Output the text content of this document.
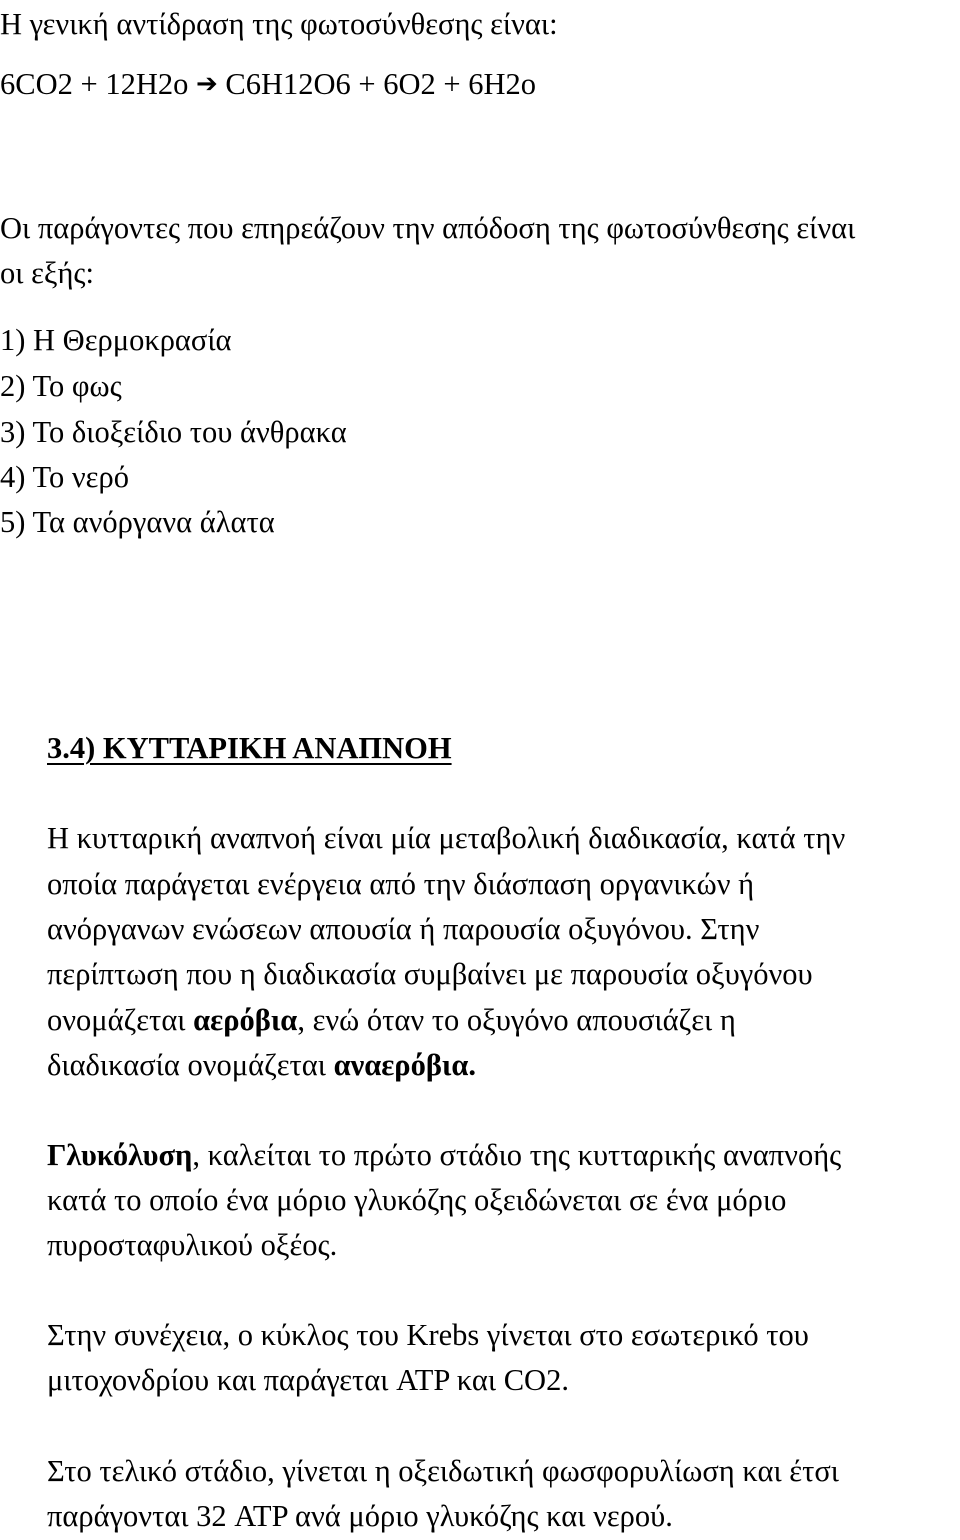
Η γενική αντίδραση της φωτοσύνθεσης είναι:

6CO2 + 12H2o ➔ C6H12O6 + 6O2 + 6H2o

Οι παράγοντες που επηρεάζουν την απόδοση της φωτοσύνθεσης είναι

οι εξής:

1) Η Θερμοκρασία

2) Το φως

3) Το διοξείδιο του άνθρακα

4) Το νερό

5) Τα ανόργανα άλατα

3.4) ΚΥΤΤΑΡΙΚΗ ΑΝΑΠΝΟΗ

Η κυτταρική αναπνοή είναι μία μεταβολική διαδικασία, κατά την

οποία παράγεται ενέργεια από την διάσπαση οργανικών ή

ανόργανων ενώσεων απουσία ή παρουσία οξυγόνου. Στην

περίπτωση που η διαδικασία συμβαίνει με παρουσία οξυγόνου

ονομάζεται αερόβια, ενώ όταν το οξυγόνο απουσιάζει η

διαδικασία ονομάζεται αναερόβια.

Γλυκόλυση, καλείται το πρώτο στάδιο της κυτταρικής αναπνοής

κατά το οποίο ένα μόριο γλυκόζης οξειδώνεται σε ένα μόριο

πυροσταφυλικού οξέος.

Στην συνέχεια, ο κύκλος του Krebs γίνεται στο εσωτερικό του

μιτοχονδρίου και παράγεται ATP και CO2.

Στο τελικό στάδιο, γίνεται η οξειδωτική φωσφορυλίωση και έτσι

παράγονται 32 ATP ανά μόριο γλυκόζης και νερού.
